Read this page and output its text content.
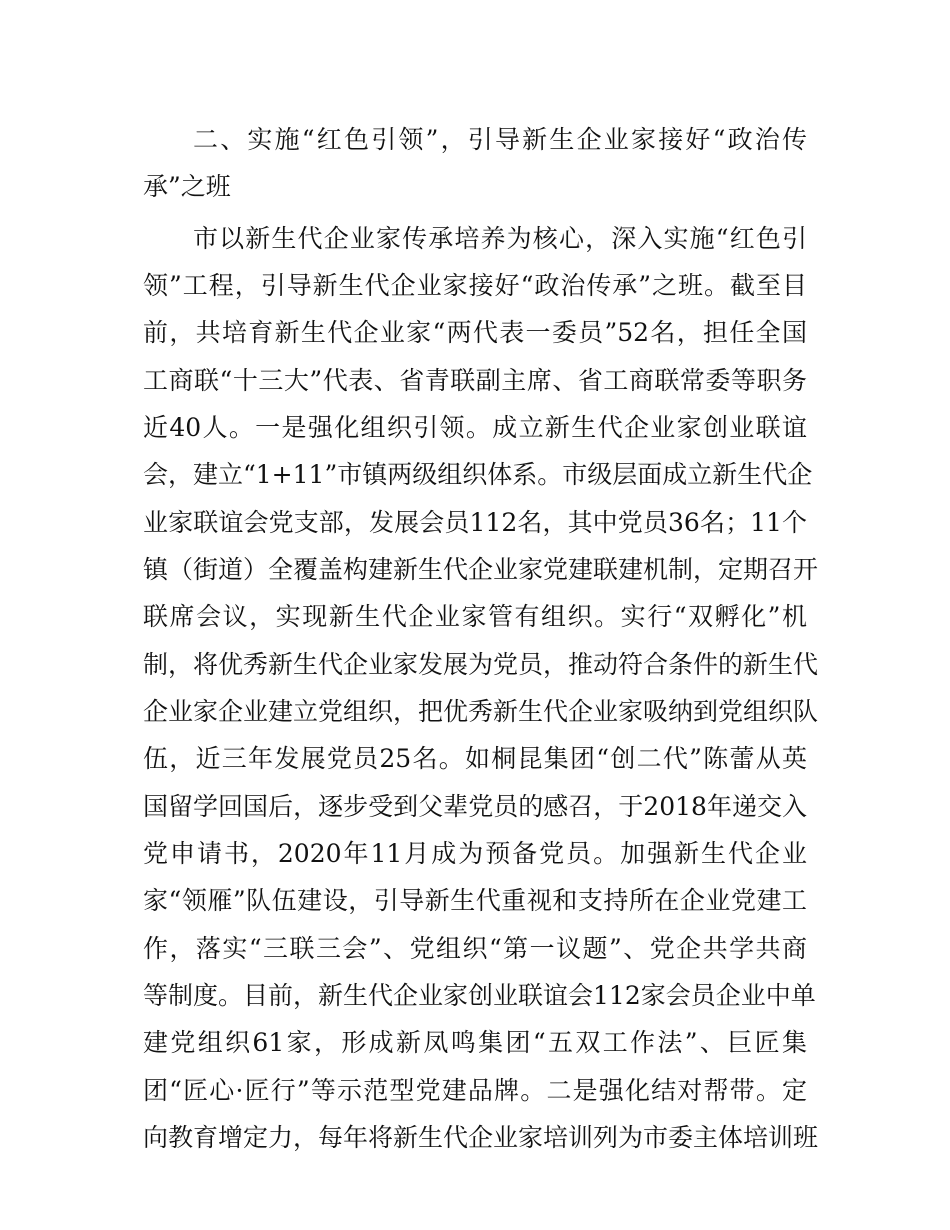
二、实施“红色引领”，引导新生企业家接好“政治传
承”之班
市以新生代企业家传承培养为核心，深入实施“红色引
领”工程，引导新生代企业家接好“政治传承”之班。截至目
前，共培育新生代企业家“两代表一委员”52名，担任全国
工商联“十三大”代表、省青联副主席、省工商联常委等职务
近40人。一是强化组织引领。成立新生代企业家创业联谊
会，建立“1+11”市镇两级组织体系。市级层面成立新生代企
业家联谊会党支部，发展会员112名，其中党员36名；11个
镇（街道）全覆盖构建新生代企业家党建联建机制，定期召开
联席会议，实现新生代企业家管有组织。实行“双孵化”机
制，将优秀新生代企业家发展为党员，推动符合条件的新生代
企业家企业建立党组织，把优秀新生代企业家吸纳到党组织队
伍，近三年发展党员25名。如桐昆集团“创二代”陈蕾从英
国留学回国后，逐步受到父辈党员的感召，于2018年递交入
党申请书，2020年11月成为预备党员。加强新生代企业
家“领雁”队伍建设，引导新生代重视和支持所在企业党建工
作，落实“三联三会”、党组织“第一议题”、党企共学共商
等制度。目前，新生代企业家创业联谊会112家会员企业中单
建党组织61家，形成新凤鸣集团“五双工作法”、巨匠集
团“匠心·匠行”等示范型党建品牌。二是强化结对帮带。定
向教育增定力，每年将新生代企业家培训列为市委主体培训班
